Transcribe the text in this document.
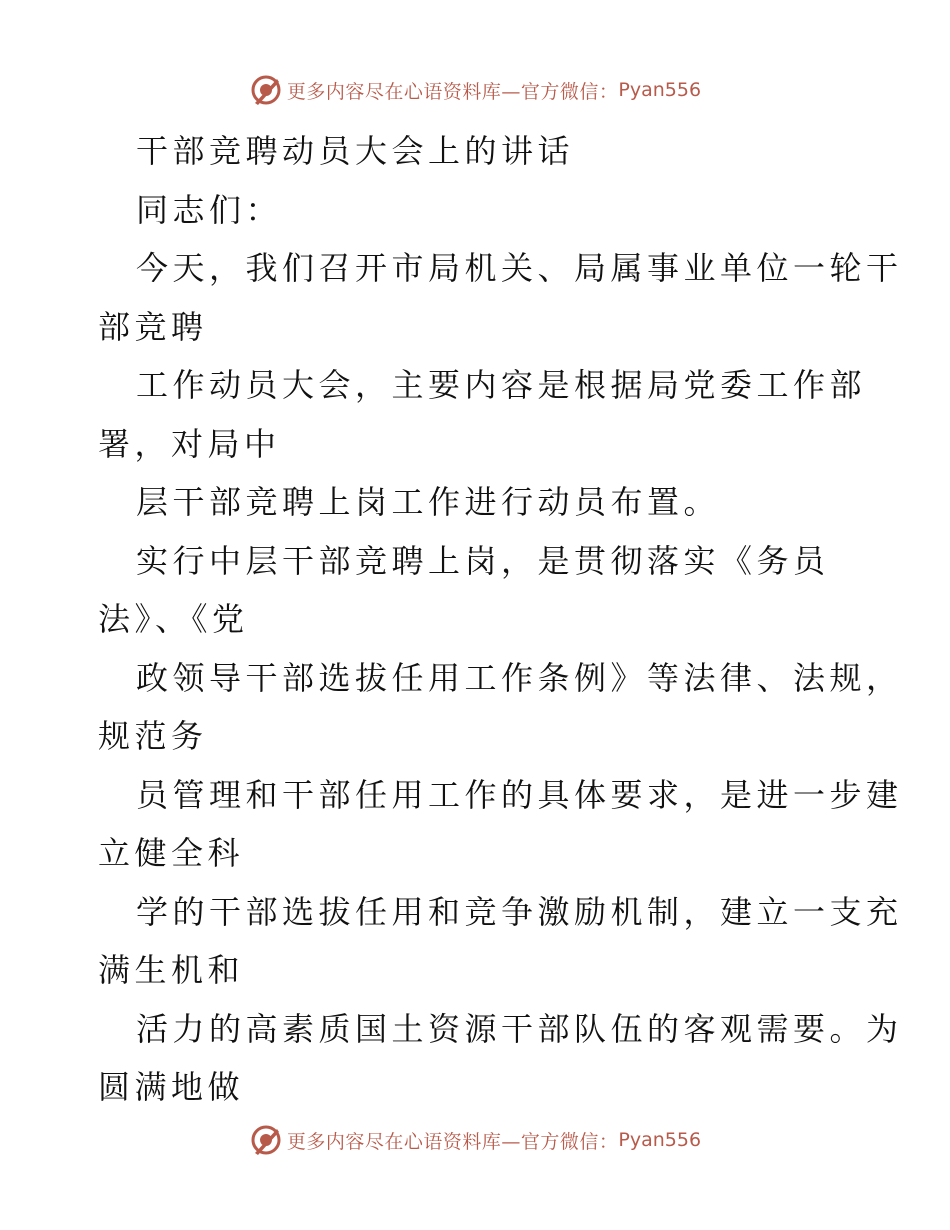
更多内容尽在心语资料库—官方微信： Pyan556
干部竞聘动员大会上的讲话
同志们：
今天，我们召开市局机关、局属事业单位一轮干
部竞聘
工作动员大会，主要内容是根据局党委工作部
署，对局中
层干部竞聘上岗工作进行动员布置。
实行中层干部竞聘上岗，是贯彻落实《务员
法》、《党
政领导干部选拔任用工作条例》等法律、法规，
规范务
员管理和干部任用工作的具体要求，是进一步建
立健全科
学的干部选拔任用和竞争激励机制，建立一支充
满生机和
活力的高素质国土资源干部队伍的客观需要。为
圆满地做
更多内容尽在心语资料库—官方微信： Pyan556
